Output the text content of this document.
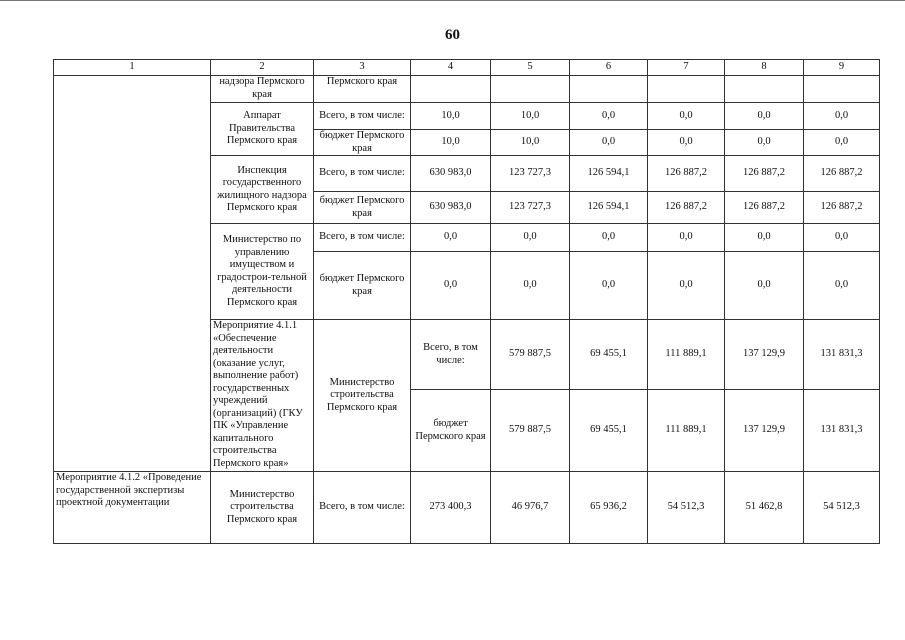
60
1	2	3	4	5	6	7	8	9	
	надзора Пермского края	Пермского края							
	Аппарат Правительства Пермского края	Всего, в том числе:	10,0	10,0	0,0	0,0	0,0	0,0	
		бюджет Пермского края	10,0	10,0	0,0	0,0	0,0	0,0	
	Инспекция государственного жилищного надзора Пермского края	Всего, в том числе:	630 983,0	123 727,3	126 594,1	126 887,2	126 887,2	126 887,2	
		бюджет Пермского края	630 983,0	123 727,3	126 594,1	126 887,2	126 887,2	126 887,2	
	Министерство по управлению имуществом и градострои-тельной деятельности Пермского края	Всего, в том числе:	0,0	0,0	0,0	0,0	0,0	0,0	
		бюджет Пермского края	0,0	0,0	0,0	0,0	0,0	0,0	
	Мероприятие 4.1.1 «Обеспечение деятельности (оказание услуг, выполнение работ) государственных учреждений (организаций) (ГКУ ПК «Управление капитального строительства Пермского края»	Министерство строительства Пермского края	Всего, в том числе:	579 887,5	69 455,1	111 889,1	137 129,9	131 831,3	
			бюджет Пермского края	579 887,5	69 455,1	111 889,1	137 129,9	131 831,3	
Мероприятие 4.1.2 «Проведение государственной экспертизы проектной документации	Министерство строительства Пермского края	Всего, в том числе:	273 400,3	46 976,7	65 936,2	54 512,3	51 462,8	54 512,3	
